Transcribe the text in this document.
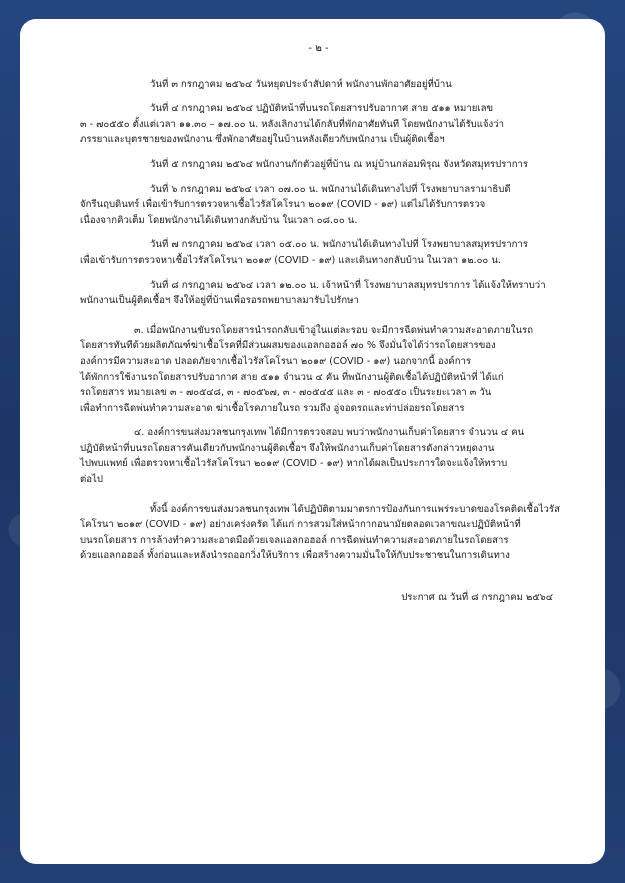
- ๒ -

วันที่ ๓ กรกฎาคม ๒๕๖๔ วันหยุดประจำสัปดาห์ พนักงานพักอาศัยอยู่ที่บ้าน

วันที่ ๔ กรกฎาคม ๒๕๖๔ ปฏิบัติหน้าที่บนรถโดยสารปรับอากาศ สาย ๕๑๑ หมายเลข

๓ - ๗๐๕๕๐ ตั้งแต่เวลา ๑๑.๓๐ – ๑๗.๐๐ น. หลังเลิกงานได้กลับที่พักอาศัยทันที โดยพนักงานได้รับแจ้งว่า

ภรรยาและบุตรชายของพนักงาน ซึ่งพักอาศัยอยู่ในบ้านหลังเดียวกับพนักงาน เป็นผู้ติดเชื้อฯ

วันที่ ๕ กรกฎาคม ๒๕๖๔ พนักงานกักตัวอยู่ที่บ้าน ณ หมู่บ้านกล่อมพิรุณ จังหวัดสมุทรปราการ

วันที่ ๖ กรกฎาคม ๒๕๖๔ เวลา ๐๗.๐๐ น. พนักงานได้เดินทางไปที่ โรงพยาบาลรามาธิบดี

จักรีนฤบดินทร์ เพื่อเข้ารับการตรวจหาเชื้อไวรัสโคโรนา ๒๐๑๙ (COVID - ๑๙) แต่ไม่ได้รับการตรวจ

เนื่องจากคิวเต็ม โดยพนักงานได้เดินทางกลับบ้าน ในเวลา ๐๘.๐๐ น.

วันที่ ๗ กรกฎาคม ๒๕๖๔ เวลา ๐๕.๐๐ น. พนักงานได้เดินทางไปที่ โรงพยาบาลสมุทรปราการ

เพื่อเข้ารับการตรวจหาเชื้อไวรัสโคโรนา ๒๐๑๙ (COVID - ๑๙) และเดินทางกลับบ้าน ในเวลา ๑๒.๐๐ น.

วันที่ ๘ กรกฎาคม ๒๕๖๔ เวลา ๑๒.๐๐ น. เจ้าหน้าที่ โรงพยาบาลสมุทรปราการ ได้แจ้งให้ทราบว่า

พนักงานเป็นผู้ติดเชื้อฯ จึงให้อยู่ที่บ้านเพื่อรอรถพยาบาลมารับไปรักษา

๓. เมื่อพนักงานขับรถโดยสารนำรถกลับเข้าอู่ในแต่ละรอบ จะมีการฉีดพ่นทำความสะอาดภายในรถ

โดยสารทันทีด้วยผลิตภัณฑ์ฆ่าเชื้อโรคที่มีส่วนผสมของแอลกอฮอล์ ๗๐ % จึงมั่นใจได้ว่ารถโดยสารของ

องค์การมีความสะอาด ปลอดภัยจากเชื้อไวรัสโคโรนา ๒๐๑๙ (COVID - ๑๙) นอกจากนี้ องค์การ

ได้พักการใช้งานรถโดยสารปรับอากาศ สาย ๕๑๑ จำนวน ๔ คัน ที่พนักงานผู้ติดเชื้อได้ปฏิบัติหน้าที่ ได้แก่

รถโดยสาร หมายเลข ๓ - ๗๐๕๔๘, ๓ - ๗๐๕๖๗, ๓ - ๗๐๕๔๕ และ ๓ - ๗๐๕๕๐ เป็นระยะเวลา ๓ วัน

เพื่อทำการฉีดพ่นทำความสะอาด ฆ่าเชื้อโรคภายในรถ รวมถึง อู่จอดรถและท่าปล่อยรถโดยสาร

๔. องค์การขนส่งมวลชนกรุงเทพ ได้มีการตรวจสอบ พบว่าพนักงานเก็บค่าโดยสาร จำนวน ๔ คน

ปฏิบัติหน้าที่บนรถโดยสารคันเดียวกับพนักงานผู้ติดเชื้อฯ จึงให้พนักงานเก็บค่าโดยสารดังกล่าวหยุดงาน

ไปพบแพทย์ เพื่อตรวจหาเชื้อไวรัสโคโรนา ๒๐๑๙ (COVID - ๑๙) หากได้ผลเป็นประการใดจะแจ้งให้ทราบ

ต่อไป

ทั้งนี้ องค์การขนส่งมวลชนกรุงเทพ ได้ปฏิบัติตามมาตรการป้องกันการแพร่ระบาดของโรคติดเชื้อไวรัส

โคโรนา ๒๐๑๙ (COVID - ๑๙) อย่างเคร่งครัด ได้แก่ การสวมใส่หน้ากากอนามัยตลอดเวลาขณะปฏิบัติหน้าที่

บนรถโดยสาร การล้างทำความสะอาดมือด้วยเจลแอลกอฮอล์ การฉีดพ่นทำความสะอาดภายในรถโดยสาร

ด้วยแอลกอฮอล์ ทั้งก่อนและหลังนำรถออกวิ่งให้บริการ เพื่อสร้างความมั่นใจให้กับประชาชนในการเดินทาง

ประกาศ ณ วันที่ ๘ กรกฎาคม ๒๕๖๔
